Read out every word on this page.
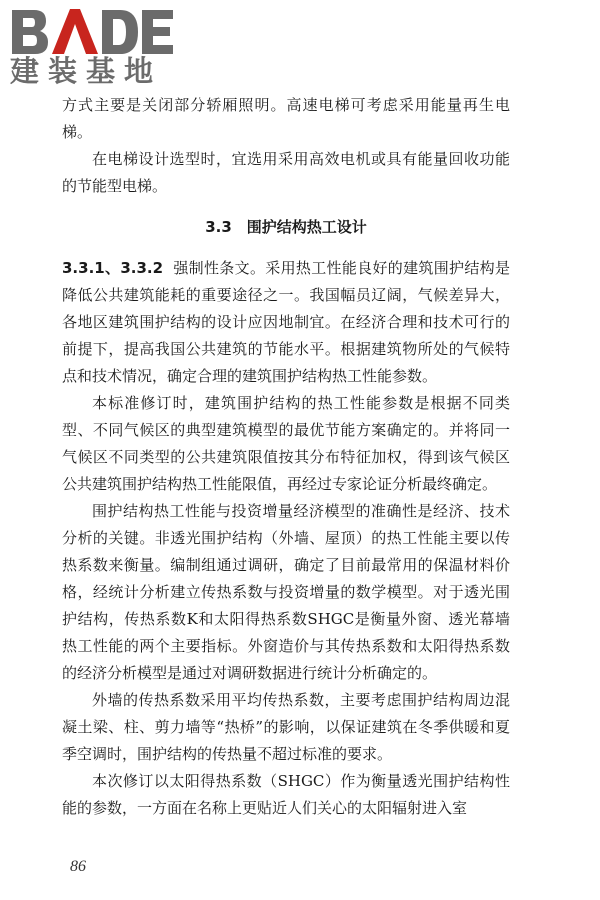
建装基地

方式主要是关闭部分轿厢照明。高速电梯可考虑采用能量再生电梯。

在电梯设计选型时，宜选用采用高效电机或具有能量回收功能的节能型电梯。

3.3　围护结构热工设计

3.3.1、3.3.2 强制性条文。采用热工性能良好的建筑围护结构是降低公共建筑能耗的重要途径之一。我国幅员辽阔，气候差异大，各地区建筑围护结构的设计应因地制宜。在经济合理和技术可行的前提下，提高我国公共建筑的节能水平。根据建筑物所处的气候特点和技术情况，确定合理的建筑围护结构热工性能参数。

本标准修订时，建筑围护结构的热工性能参数是根据不同类型、不同气候区的典型建筑模型的最优节能方案确定的。并将同一气候区不同类型的公共建筑限值按其分布特征加权，得到该气候区公共建筑围护结构热工性能限值，再经过专家论证分析最终确定。

围护结构热工性能与投资增量经济模型的准确性是经济、技术分析的关键。非透光围护结构（外墙、屋顶）的热工性能主要以传热系数来衡量。编制组通过调研，确定了目前最常用的保温材料价格，经统计分析建立传热系数与投资增量的数学模型。对于透光围护结构，传热系数K和太阳得热系数SHGC是衡量外窗、透光幕墙热工性能的两个主要指标。外窗造价与其传热系数和太阳得热系数的经济分析模型是通过对调研数据进行统计分析确定的。

外墙的传热系数采用平均传热系数，主要考虑围护结构周边混凝土梁、柱、剪力墙等“热桥”的影响，以保证建筑在冬季供暖和夏季空调时，围护结构的传热量不超过标准的要求。

本次修订以太阳得热系数（SHGC）作为衡量透光围护结构性能的参数，一方面在名称上更贴近人们关心的太阳辐射进入室

86
